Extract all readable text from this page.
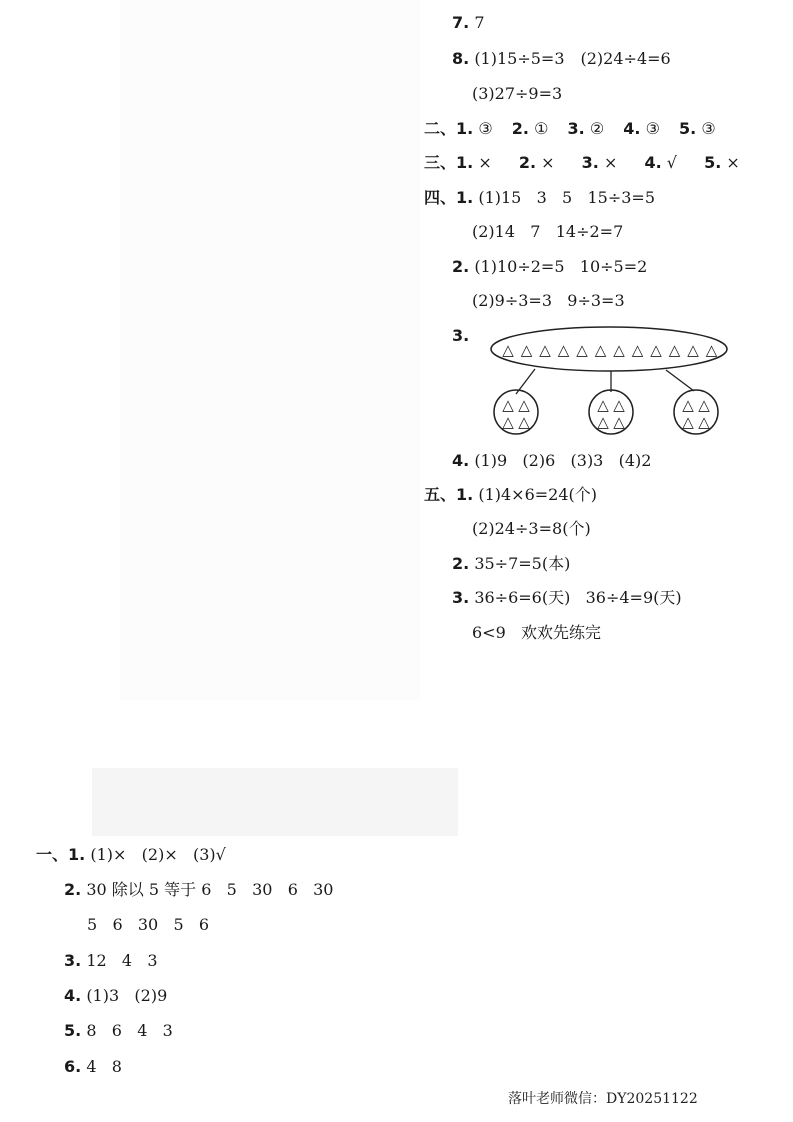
7. 7
8. (1)15÷5=3　(2)24÷4=6
(3)27÷9=3
二、1. ③ 2. ① 3. ② 4. ③ 5. ③
三、1. × 2. × 3. × 4. √ 5. ×
四、1. (1)15   3   5   15÷3=5
(2)14   7   14÷2=7
2. (1)10÷2=5   10÷5=2
(2)9÷3=3   9÷3=3
3.
△ △ △ △ △ △ △ △ △ △ △ △
△ △
△ △
△ △
△ △
△ △
△ △
4. (1)9   (2)6   (3)3   (4)2
五、1. (1)4×6=24(个)
(2)24÷3=8(个)
2. 35÷7=5(本)
3. 36÷6=6(天)   36÷4=9(天)
6<9   欢欢先练完
一、1. (1)×   (2)×   (3)√
2. 30 除以 5 等于 6   5   30   6   30
5   6   30   5   6
3. 12   4   3
4. (1)3   (2)9
5. 8   6   4   3
6. 4   8
落叶老师微信：DY20251122
